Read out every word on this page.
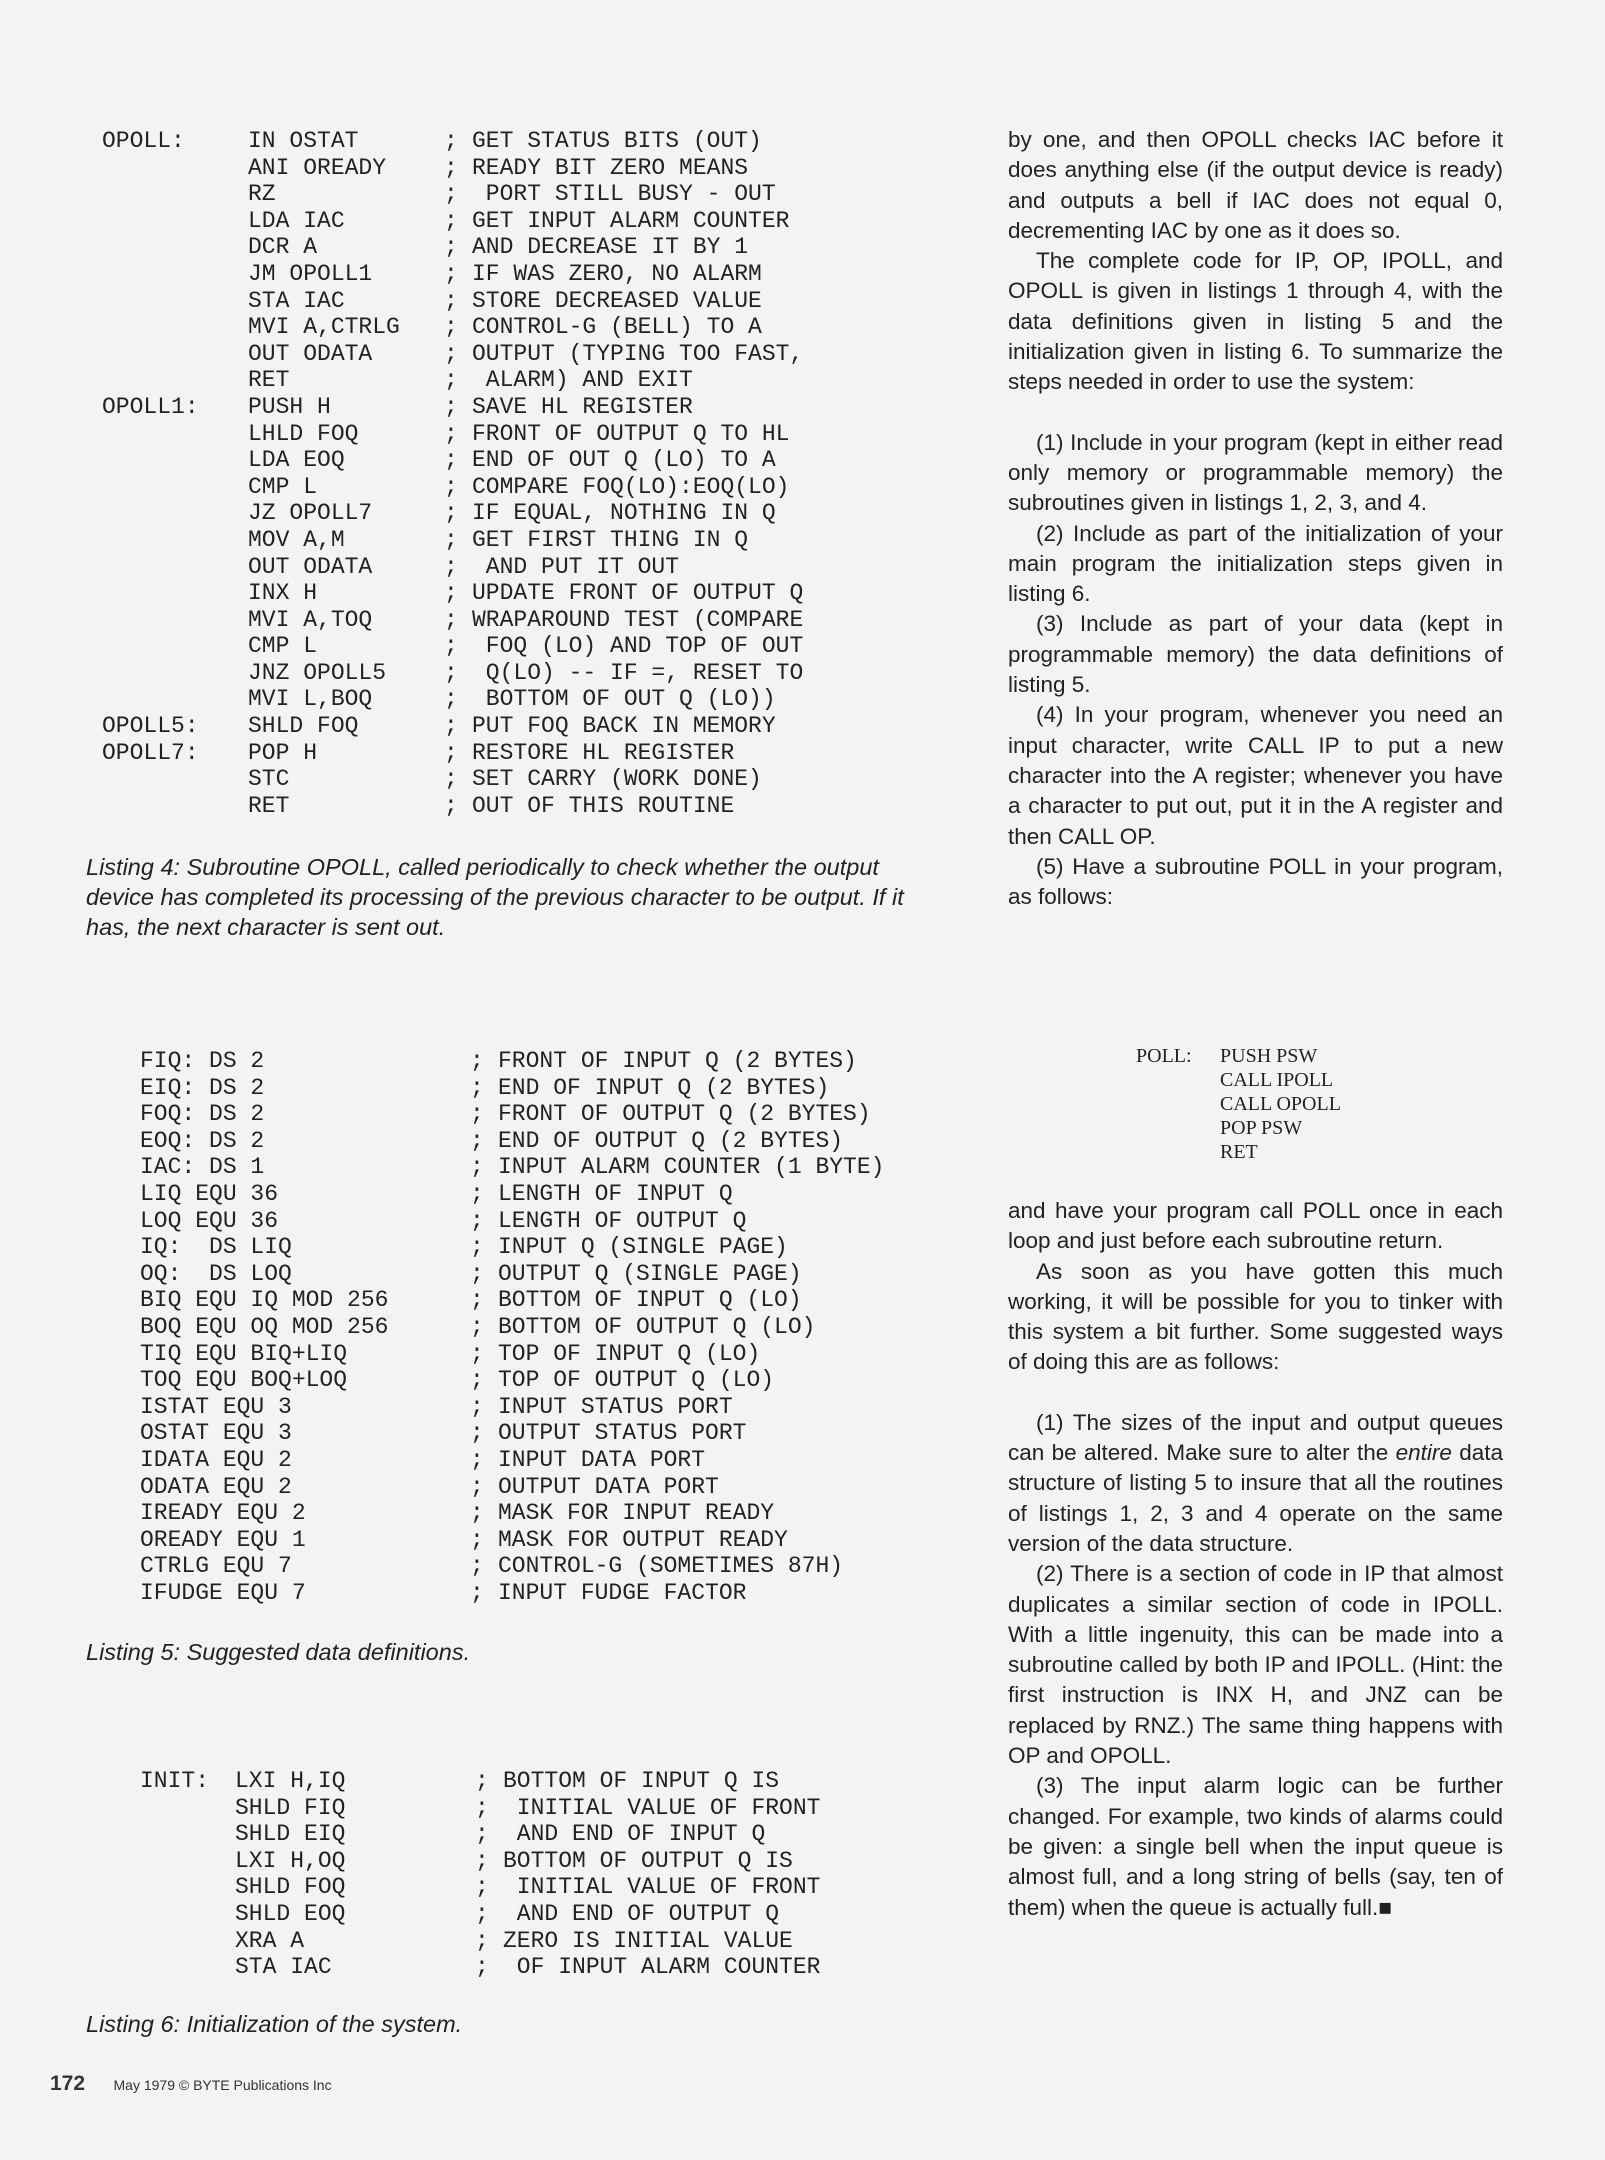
OPOLL:	IN OSTAT	; GET STATUS BITS (OUT)
ANI OREADY	; READY BIT ZERO MEANS
RZ	; PORT STILL BUSY - OUT
LDA IAC	; GET INPUT ALARM COUNTER
DCR A	; AND DECREASE IT BY 1
JM OPOLL1	; IF WAS ZERO, NO ALARM
STA IAC	; STORE DECREASED VALUE
MVI A,CTRLG ; CONTROL-G (BELL) TO A
OUT ODATA	; OUTPUT (TYPING TOO FAST,
RET	; ALARM) AND EXIT
OPOLL1: PUSH H	; SAVE HL REGISTER
LHLD FOQ	; FRONT OF OUTPUT Q TO HL
LDA EOQ	; END OF OUT Q (LO) TO A
CMP L	; COMPARE FOQ(LO):EOQ(LO)
JZ OPOLL7	; IF EQUAL, NOTHING IN Q
MOV A,M	; GET FIRST THING IN Q
OUT ODATA	; AND PUT IT OUT
INX H	; UPDATE FRONT OF OUTPUT Q
MVI A,TOQ	; WRAPAROUND TEST (COMPARE
CMP L	; FOQ (LO) AND TOP OF OUT
JNZ OPOLL5	; Q(LO) -- IF =, RESET TO
MVI L,BOQ	; BOTTOM OF OUT Q (LO))
OPOLL5: SHLD FOQ	; PUT FOQ BACK IN MEMORY
OPOLL7: POP H	; RESTORE HL REGISTER
STC	; SET CARRY (WORK DONE)
RET	; OUT OF THIS ROUTINE
Listing 4: Subroutine OPOLL, called periodically to check whether the output device has completed its processing of the previous character to be output. If it has, the next character is sent out.
FIQ: DS 2	; FRONT OF INPUT Q (2 BYTES)
EIQ: DS 2	; END OF INPUT Q (2 BYTES)
FOQ: DS 2	; FRONT OF OUTPUT Q (2 BYTES)
EOQ: DS 2	; END OF OUTPUT Q (2 BYTES)
IAC: DS 1	; INPUT ALARM COUNTER (1 BYTE)
LIQ EQU 36	; LENGTH OF INPUT Q
LOQ EQU 36	; LENGTH OF OUTPUT Q
IQ:  DS LIQ	; INPUT Q (SINGLE PAGE)
OQ:  DS LOQ	; OUTPUT Q (SINGLE PAGE)
BIQ EQU IQ MOD 256	; BOTTOM OF INPUT Q (LO)
BOQ EQU OQ MOD 256	; BOTTOM OF OUTPUT Q (LO)
TIQ EQU BIQ+LIQ	; TOP OF INPUT Q (LO)
TOQ EQU BOQ+LOQ	; TOP OF OUTPUT Q (LO)
ISTAT EQU 3	; INPUT STATUS PORT
OSTAT EQU 3	; OUTPUT STATUS PORT
IDATA EQU 2	; INPUT DATA PORT
ODATA EQU 2	; OUTPUT DATA PORT
IREADY EQU 2	; MASK FOR INPUT READY
OREADY EQU 1	; MASK FOR OUTPUT READY
CTRLG EQU 7	; CONTROL-G (SOMETIMES 87H)
IFUDGE EQU 7	; INPUT FUDGE FACTOR
Listing 5: Suggested data definitions.
INIT: LXI H,IQ	; BOTTOM OF INPUT Q IS
SHLD FIQ	; INITIAL VALUE OF FRONT
SHLD EIQ	; AND END OF INPUT Q
LXI H,OQ	; BOTTOM OF OUTPUT Q IS
SHLD FOQ	; INITIAL VALUE OF FRONT
SHLD EOQ	; AND END OF OUTPUT Q
XRA A	; ZERO IS INITIAL VALUE
STA IAC	; OF INPUT ALARM COUNTER
Listing 6: Initialization of the system.

by one, and then OPOLL checks IAC before it does anything else (if the output device is ready) and outputs a bell if IAC does not equal 0, decrementing IAC by one as it does so.

The complete code for IP, OP, IPOLL, and OPOLL is given in listings 1 through 4, with the data definitions given in listing 5 and the initialization given in listing 6. To summarize the steps needed in order to use the system:

(1) Include in your program (kept in either read only memory or programmable memory) the subroutines given in listings 1, 2, 3, and 4.

(2) Include as part of the initialization of your main program the initialization steps given in listing 6.

(3) Include as part of your data (kept in programmable memory) the data definitions of listing 5.

(4) In your program, whenever you need an input character, write CALL IP to put a new character into the A register; whenever you have a character to put out, put it in the A register and then CALL OP.

(5) Have a subroutine POLL in your program, as follows:

POLL: PUSH PSW
CALL IPOLL
CALL OPOLL
POP PSW
RET

and have your program call POLL once in each loop and just before each subroutine return.

As soon as you have gotten this much working, it will be possible for you to tinker with this system a bit further. Some suggested ways of doing this are as follows:

(1) The sizes of the input and output queues can be altered. Make sure to alter the entire data structure of listing 5 to insure that all the routines of listings 1, 2, 3 and 4 operate on the same version of the data structure.

(2) There is a section of code in IP that almost duplicates a similar section of code in IPOLL. With a little ingenuity, this can be made into a subroutine called by both IP and IPOLL. (Hint: the first instruction is INX H, and JNZ can be replaced by RNZ.) The same thing happens with OP and OPOLL.

(3) The input alarm logic can be further changed. For example, two kinds of alarms could be given: a single bell when the input queue is almost full, and a long string of bells (say, ten of them) when the queue is actually full.■

172 May 1979 © BYTE Publications Inc
